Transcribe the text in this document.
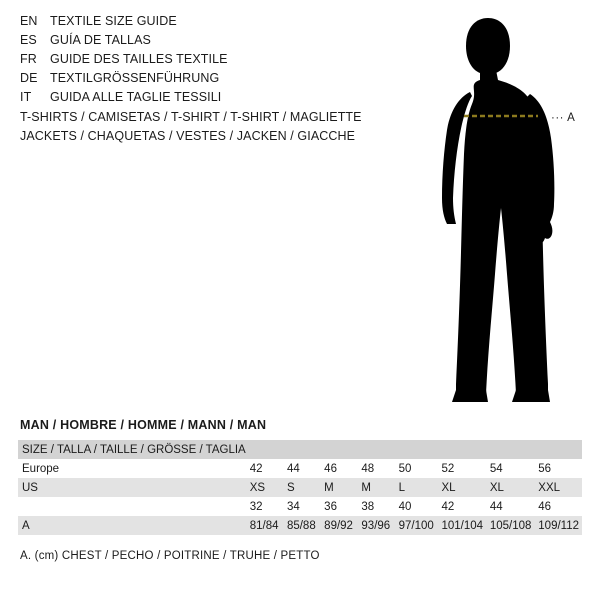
EN TEXTILE SIZE GUIDE
ES	GUÍA DE TALLAS
FR	GUIDE DES TAILLES TEXTILE
DE TEXTILGRÖSSENFÜHRUNG
IT	GUIDA ALLE TAGLIE TESSILI
T-SHIRTS / CAMISETAS / T-SHIRT / T-SHIRT / MAGLIETTE
JACKETS / CHAQUETAS / VESTES / JACKEN / GIACCHE
··· A
MAN / HOMBRE / HOMME / MANN / MAN
SIZE / TALLA / TAILLE / GRÖSSE / TAGLIA								
Europe	42	44	46	48	50	52	54	56
US	XS	S	M	M	L	XL	XL	XXL
	32	34	36	38	40	42	44	46
A	81/84	85/88	89/92	93/96	97/100	101/104	105/108	109/112
A. (cm) CHEST / PECHO / POITRINE / TRUHE / PETTO
